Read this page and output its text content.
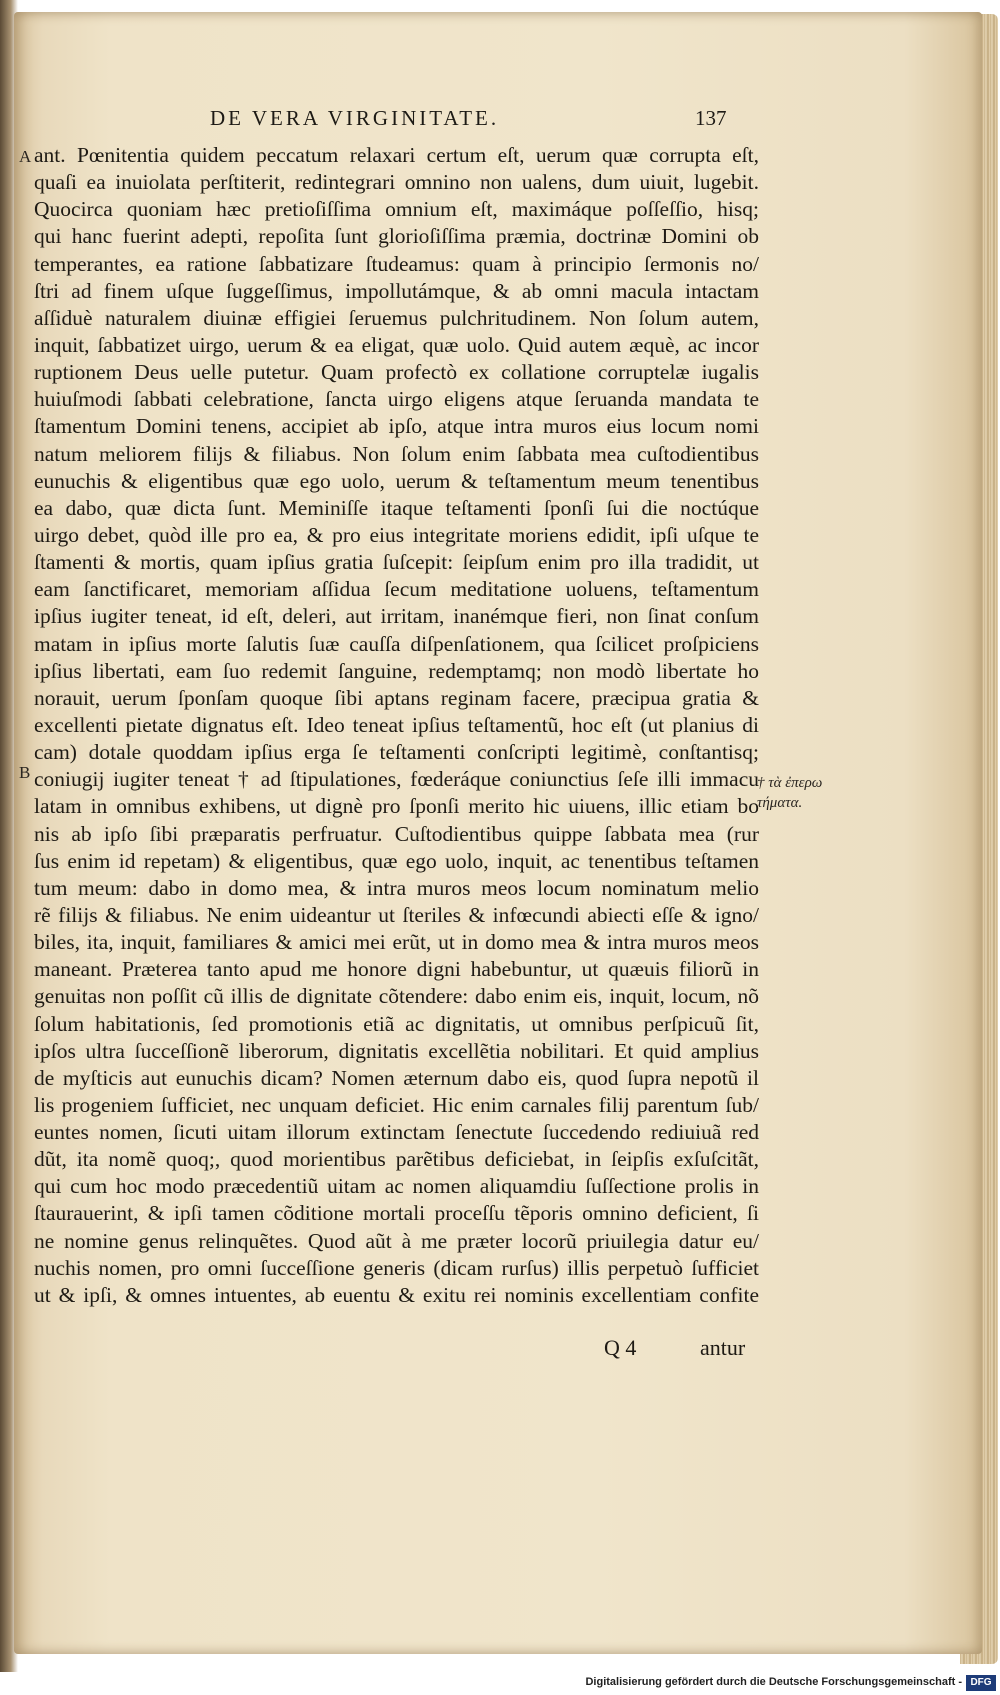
DE VERA VIRGINITATE.	137
A
B
ant. Pœnitentia quidem peccatum relaxari certum eſt, uerum quæ corrupta eſt,
quaſi ea inuiolata perſtiterit, redintegrari omnino non ualens, dum uiuit, lugebit.
Quocirca quoniam hæc pretioſiſſima omnium eſt, maximáque poſſeſſio, hisq;
qui hanc fuerint adepti, repoſita ſunt glorioſiſſima præmia, doctrinæ Domini ob
temperantes, ea ratione ſabbatizare ſtudeamus: quam à principio ſermonis no/
ſtri ad finem uſque ſuggeſſimus, impollutámque, & ab omni macula intactam
aſſiduè naturalem diuinæ effigiei ſeruemus pulchritudinem. Non ſolum autem,
inquit, ſabbatizet uirgo, uerum & ea eligat, quæ uolo. Quid autem æquè, ac incor
ruptionem Deus uelle putetur. Quam profectò ex collatione corruptelæ iugalis
huiuſmodi ſabbati celebratione, ſancta uirgo eligens atque ſeruanda mandata te
ſtamentum Domini tenens, accipiet ab ipſo, atque intra muros eius locum nomi
natum meliorem filijs & filiabus. Non ſolum enim ſabbata mea cuſtodientibus
eunuchis & eligentibus quæ ego uolo, uerum & teſtamentum meum tenentibus
ea dabo, quæ dicta ſunt. Meminiſſe itaque teſtamenti ſponſi ſui die noctúque
uirgo debet, quòd ille pro ea, & pro eius integritate moriens edidit, ipſi uſque te
ſtamenti & mortis, quam ipſius gratia ſuſcepit: ſeipſum enim pro illa tradidit, ut
eam ſanctificaret, memoriam aſſidua ſecum meditatione uoluens, teſtamentum
ipſius iugiter teneat, id eſt, deleri, aut irritam, inanémque fieri, non ſinat conſum
matam in ipſius morte ſalutis ſuæ cauſſa diſpenſationem, qua ſcilicet proſpiciens
ipſius libertati, eam ſuo redemit ſanguine, redemptamq; non modò libertate ho
norauit, uerum ſponſam quoque ſibi aptans reginam facere, præcipua gratia &
excellenti pietate dignatus eſt. Ideo teneat ipſius teſtamentũ, hoc eſt (ut planius di
cam) dotale quoddam ipſius erga ſe teſtamenti conſcripti legitimè, conſtantisq;
coniugij iugiter teneat † ad ſtipulationes, fœderáque coniunctius ſeſe illi immacu
latam in omnibus exhibens, ut dignè pro ſponſi merito hic uiuens, illic etiam bo
nis ab ipſo ſibi præparatis perfruatur. Cuſtodientibus quippe ſabbata mea (rur
ſus enim id repetam) & eligentibus, quæ ego uolo, inquit, ac tenentibus teſtamen
tum meum: dabo in domo mea, & intra muros meos locum nominatum melio
rẽ filijs & filiabus. Ne enim uideantur ut ſteriles & infœcundi abiecti eſſe & igno/
biles, ita, inquit, familiares & amici mei erũt, ut in domo mea & intra muros meos
maneant. Præterea tanto apud me honore digni habebuntur, ut quæuis filiorũ in
genuitas non poſſit cũ illis de dignitate cõtendere: dabo enim eis, inquit, locum, nõ
ſolum habitationis, ſed promotionis etiã ac dignitatis, ut omnibus perſpicuũ ſit,
ipſos ultra ſucceſſionẽ liberorum, dignitatis excellẽtia nobilitari. Et quid amplius
de myſticis aut eunuchis dicam? Nomen æternum dabo eis, quod ſupra nepotũ il
lis progeniem ſufficiet, nec unquam deficiet. Hic enim carnales filij parentum ſub/
euntes nomen, ſicuti uitam illorum extinctam ſenectute ſuccedendo rediuiuã red
dũt, ita nomẽ quoq;, quod morientibus parẽtibus deficiebat, in ſeipſis exſuſcitãt,
qui cum hoc modo præcedentiũ uitam ac nomen aliquamdiu ſuſſectione prolis in
ſtaurauerint, & ipſi tamen cõditione mortali proceſſu tẽporis omnino deficient, ſi
ne nomine genus relinquẽtes. Quod aũt à me præter locorũ priuilegia datur eu/
nuchis nomen, pro omni ſucceſſione generis (dicam rurſus) illis perpetuò ſufficiet
ut & ipſi, & omnes intuentes, ab euentu & exitu rei nominis excellentiam confite
† τὰ ἐπερω
τήματα.
Q 4	antur
Digitalisierung gefördert durch die Deutsche Forschungsgemeinschaft - DFG
